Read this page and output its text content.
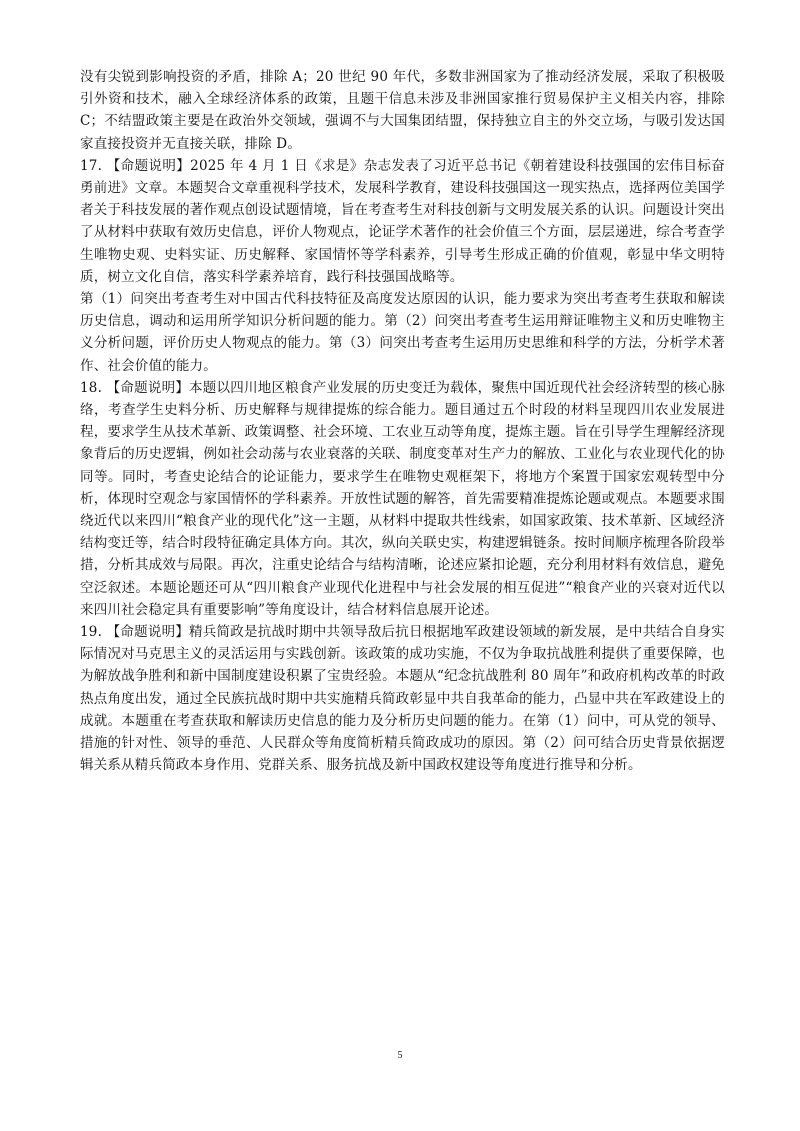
没有尖锐到影响投资的矛盾，排除 A；20 世纪 90 年代，多数非洲国家为了推动经济发展，采取了积极吸引外资和技术，融入全球经济体系的政策，且题干信息未涉及非洲国家推行贸易保护主义相关内容，排除 C；不结盟政策主要是在政治外交领域，强调不与大国集团结盟，保持独立自主的外交立场，与吸引发达国家直接投资并无直接关联，排除 D。

17. 【命题说明】2025 年 4 月 1 日《求是》杂志发表了习近平总书记《朝着建设科技强国的宏伟目标奋勇前进》文章。本题契合文章重视科学技术，发展科学教育，建设科技强国这一现实热点，选择两位美国学者关于科技发展的著作观点创设试题情境，旨在考查考生对科技创新与文明发展关系的认识。问题设计突出了从材料中获取有效历史信息，评价人物观点，论证学术著作的社会价值三个方面，层层递进，综合考查学生唯物史观、史料实证、历史解释、家国情怀等学科素养，引导考生形成正确的价值观，彰显中华文明特质，树立文化自信，落实科学素养培育，践行科技强国战略等。

第（1）问突出考查考生对中国古代科技特征及高度发达原因的认识，能力要求为突出考查考生获取和解读历史信息，调动和运用所学知识分析问题的能力。第（2）问突出考查考生运用辩证唯物主义和历史唯物主义分析问题，评价历史人物观点的能力。第（3）问突出考查考生运用历史思维和科学的方法，分析学术著作、社会价值的能力。

18. 【命题说明】本题以四川地区粮食产业发展的历史变迁为载体，聚焦中国近现代社会经济转型的核心脉络，考查学生史料分析、历史解释与规律提炼的综合能力。题目通过五个时段的材料呈现四川农业发展进程，要求学生从技术革新、政策调整、社会环境、工农业互动等角度，提炼主题。旨在引导学生理解经济现象背后的历史逻辑，例如社会动荡与农业衰落的关联、制度变革对生产力的解放、工业化与农业现代化的协同等。同时，考查史论结合的论证能力，要求学生在唯物史观框架下，将地方个案置于国家宏观转型中分析，体现时空观念与家国情怀的学科素养。开放性试题的解答，首先需要精准提炼论题或观点。本题要求围绕近代以来四川“粮食产业的现代化”这一主题，从材料中提取共性线索，如国家政策、技术革新、区域经济结构变迁等，结合时段特征确定具体方向。其次，纵向关联史实，构建逻辑链条。按时间顺序梳理各阶段举措，分析其成效与局限。再次，注重史论结合与结构清晰，论述应紧扣论题，充分利用材料有效信息，避免空泛叙述。本题论题还可从“四川粮食产业现代化进程中与社会发展的相互促进”“粮食产业的兴衰对近代以来四川社会稳定具有重要影响”等角度设计，结合材料信息展开论述。

19. 【命题说明】精兵简政是抗战时期中共领导敌后抗日根据地军政建设领域的新发展，是中共结合自身实际情况对马克思主义的灵活运用与实践创新。该政策的成功实施，不仅为争取抗战胜利提供了重要保障，也为解放战争胜利和新中国制度建设积累了宝贵经验。本题从“纪念抗战胜利 80 周年”和政府机构改革的时政热点角度出发，通过全民族抗战时期中共实施精兵简政彰显中共自我革命的能力，凸显中共在军政建设上的成就。本题重在考查获取和解读历史信息的能力及分析历史问题的能力。在第（1）问中，可从党的领导、措施的针对性、领导的垂范、人民群众等角度简析精兵简政成功的原因。第（2）问可结合历史背景依据逻辑关系从精兵简政本身作用、党群关系、服务抗战及新中国政权建设等角度进行推导和分析。

5
